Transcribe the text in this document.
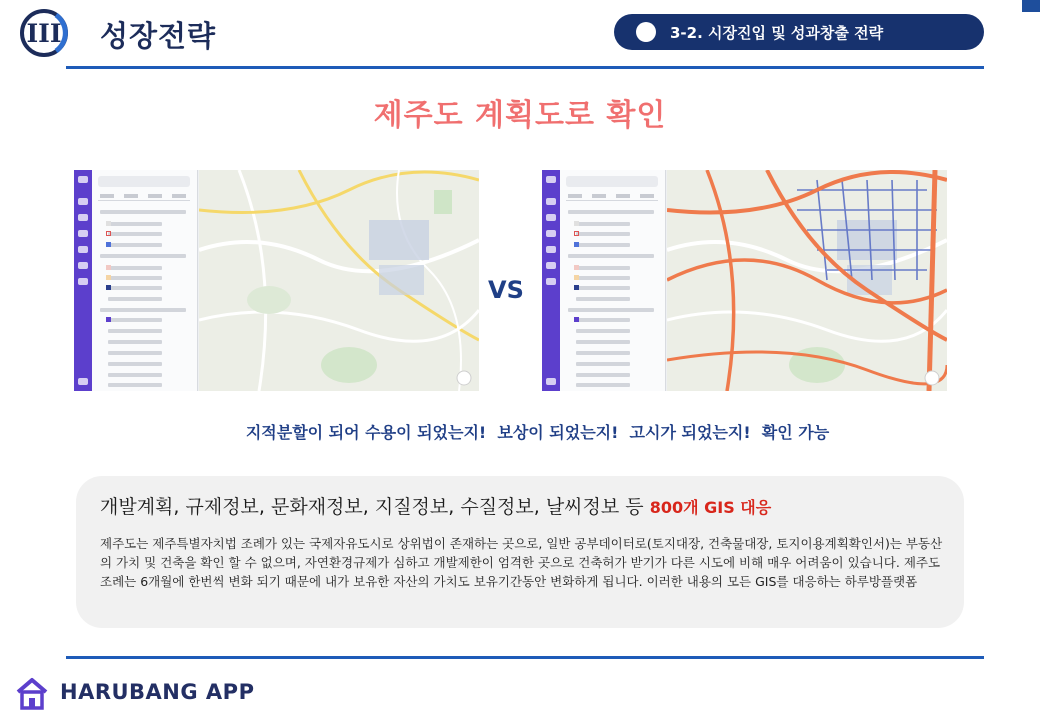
III 성장전략	3-2. 시장진입 및 성과창출 전략
제주도 계획도로 확인
VS
지적분할이 되어 수용이 되었는지!  보상이 되었는지!  고시가 되었는지!  확인 가능
개발계획, 규제정보, 문화재정보, 지질정보, 수질정보, 날씨정보 등 800개 GIS 대응
제주도는 제주특별자치법 조례가 있는 국제자유도시로 상위법이 존재하는 곳으로, 일반 공부데이터로(토지대장, 건축물대장, 토지이용계획확인서)는 부동산의 가치 및 건축을 확인 할 수 없으며, 자연환경규제가 심하고 개발제한이 엄격한 곳으로 건축허가 받기가 다른 시도에 비해 매우 어려움이 있습니다. 제주도 조례는 6개월에 한번씩 변화 되기 때문에 내가 보유한 자산의 가치도 보유기간동안 변화하게 됩니다. 이러한 내용의 모든 GIS를 대응하는 하루방플랫폼
HARUBANG APP
